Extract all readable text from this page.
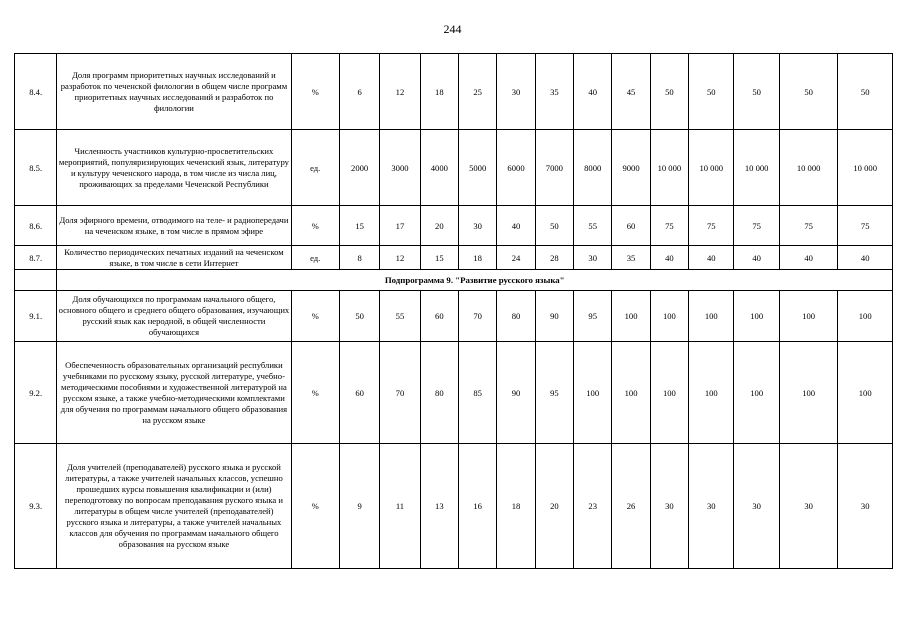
244
8.4.	Доля программ приоритетных научных исследований и разработок по чеченской филологии в общем числе программ приоритетных научных исследований и разработок по филологии	%	6	12	18	25	30	35	40	45	50	50	50	50	50
8.5.	Численность участников культурно-просветительских мероприятий, популяризирующих чеченский язык, литературу и культуру чеченского народа, в том числе из числа лиц, проживающих за пределами Чеченской Республики	ед.	2000	3000	4000	5000	6000	7000	8000	9000	10 000	10 000	10 000	10 000	10 000
8.6.	Доля эфирного времени, отводимого на теле- и радиопередачи на чеченском языке, в том числе в прямом эфире	%	15	17	20	30	40	50	55	60	75	75	75	75	75
8.7.	Количество периодических печатных изданий на чеченском языке, в том числе в сети Интернет	ед.	8	12	15	18	24	28	30	35	40	40	40	40	40
	Подпрограмма 9. "Развитие русского языка"														
9.1.	Доля обучающихся по программам начального общего, основного общего и среднего общего образования, изучающих русский язык как неродной, в общей численности обучающихся	%	50	55	60	70	80	90	95	100	100	100	100	100	100
9.2.	Обеспеченность образовательных организаций республики учебниками по русскому языку, русской литературе, учебно-методическими пособиями и художественной литературой на русском языке, а также учебно-методическими комплектами для обучения по программам начального общего образования на русском языке	%	60	70	80	85	90	95	100	100	100	100	100	100	100
9.3.	Доля учителей (преподавателей) русского языка и русской литературы, а также учителей начальных классов, успешно прошедших курсы повышения квалификации и (или) переподготовку по вопросам преподавания руского языка и литературы в общем числе учителей (преподавателей) русского языка и литературы, а также учителей начальных классов для обучения по программам начального общего образования на русском языке	%	9	11	13	16	18	20	23	26	30	30	30	30	30
